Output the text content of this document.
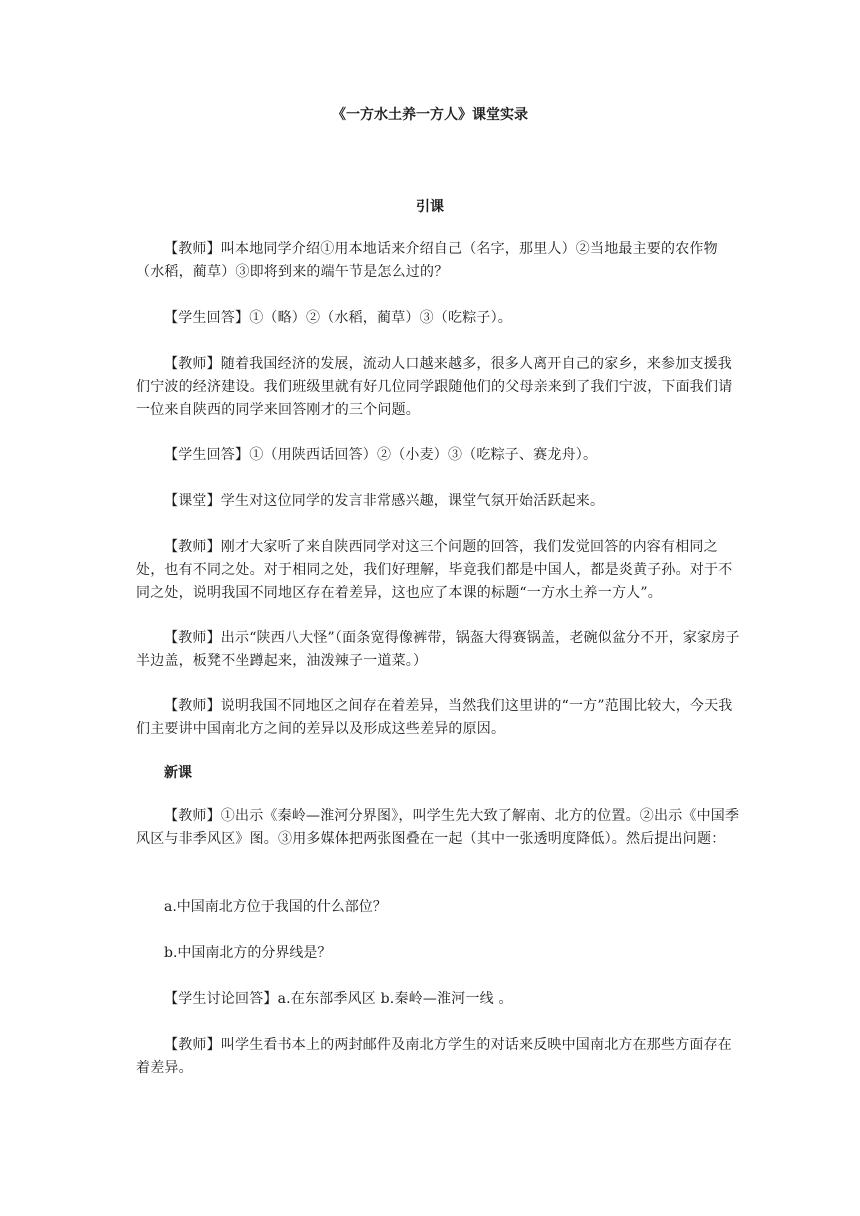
《一方水土养一方人》课堂实录
引课

【教师】叫本地同学介绍①用本地话来介绍自己（名字，那里人）②当地最主要的农作物（水稻，蔺草）③即将到来的端午节是怎么过的？

【学生回答】①（略）②（水稻，蔺草）③（吃粽子）。

【教师】随着我国经济的发展，流动人口越来越多，很多人离开自己的家乡，来参加支援我们宁波的经济建设。我们班级里就有好几位同学跟随他们的父母亲来到了我们宁波，下面我们请一位来自陕西的同学来回答刚才的三个问题。

【学生回答】①（用陕西话回答）②（小麦）③（吃粽子、赛龙舟）。

【课堂】学生对这位同学的发言非常感兴趣，课堂气氛开始活跃起来。

【教师】刚才大家听了来自陕西同学对这三个问题的回答，我们发觉回答的内容有相同之处，也有不同之处。对于相同之处，我们好理解，毕竟我们都是中国人，都是炎黄子孙。对于不同之处，说明我国不同地区存在着差异，这也应了本课的标题“一方水土养一方人”。

【教师】出示“陕西八大怪”（面条宽得像裤带，锅盔大得赛锅盖，老碗似盆分不开，家家房子半边盖，板凳不坐蹲起来，油泼辣子一道菜。）

【教师】说明我国不同地区之间存在着差异，当然我们这里讲的“一方”范围比较大，今天我们主要讲中国南北方之间的差异以及形成这些差异的原因。

新课

【教师】①出示《秦岭—淮河分界图》，叫学生先大致了解南、北方的位置。②出示《中国季风区与非季风区》图。③用多媒体把两张图叠在一起（其中一张透明度降低）。然后提出问题：

a.中国南北方位于我国的什么部位？

b.中国南北方的分界线是？

【学生讨论回答】a.在东部季风区 b.秦岭—淮河一线 。

【教师】叫学生看书本上的两封邮件及南北方学生的对话来反映中国南北方在那些方面存在着差异。
